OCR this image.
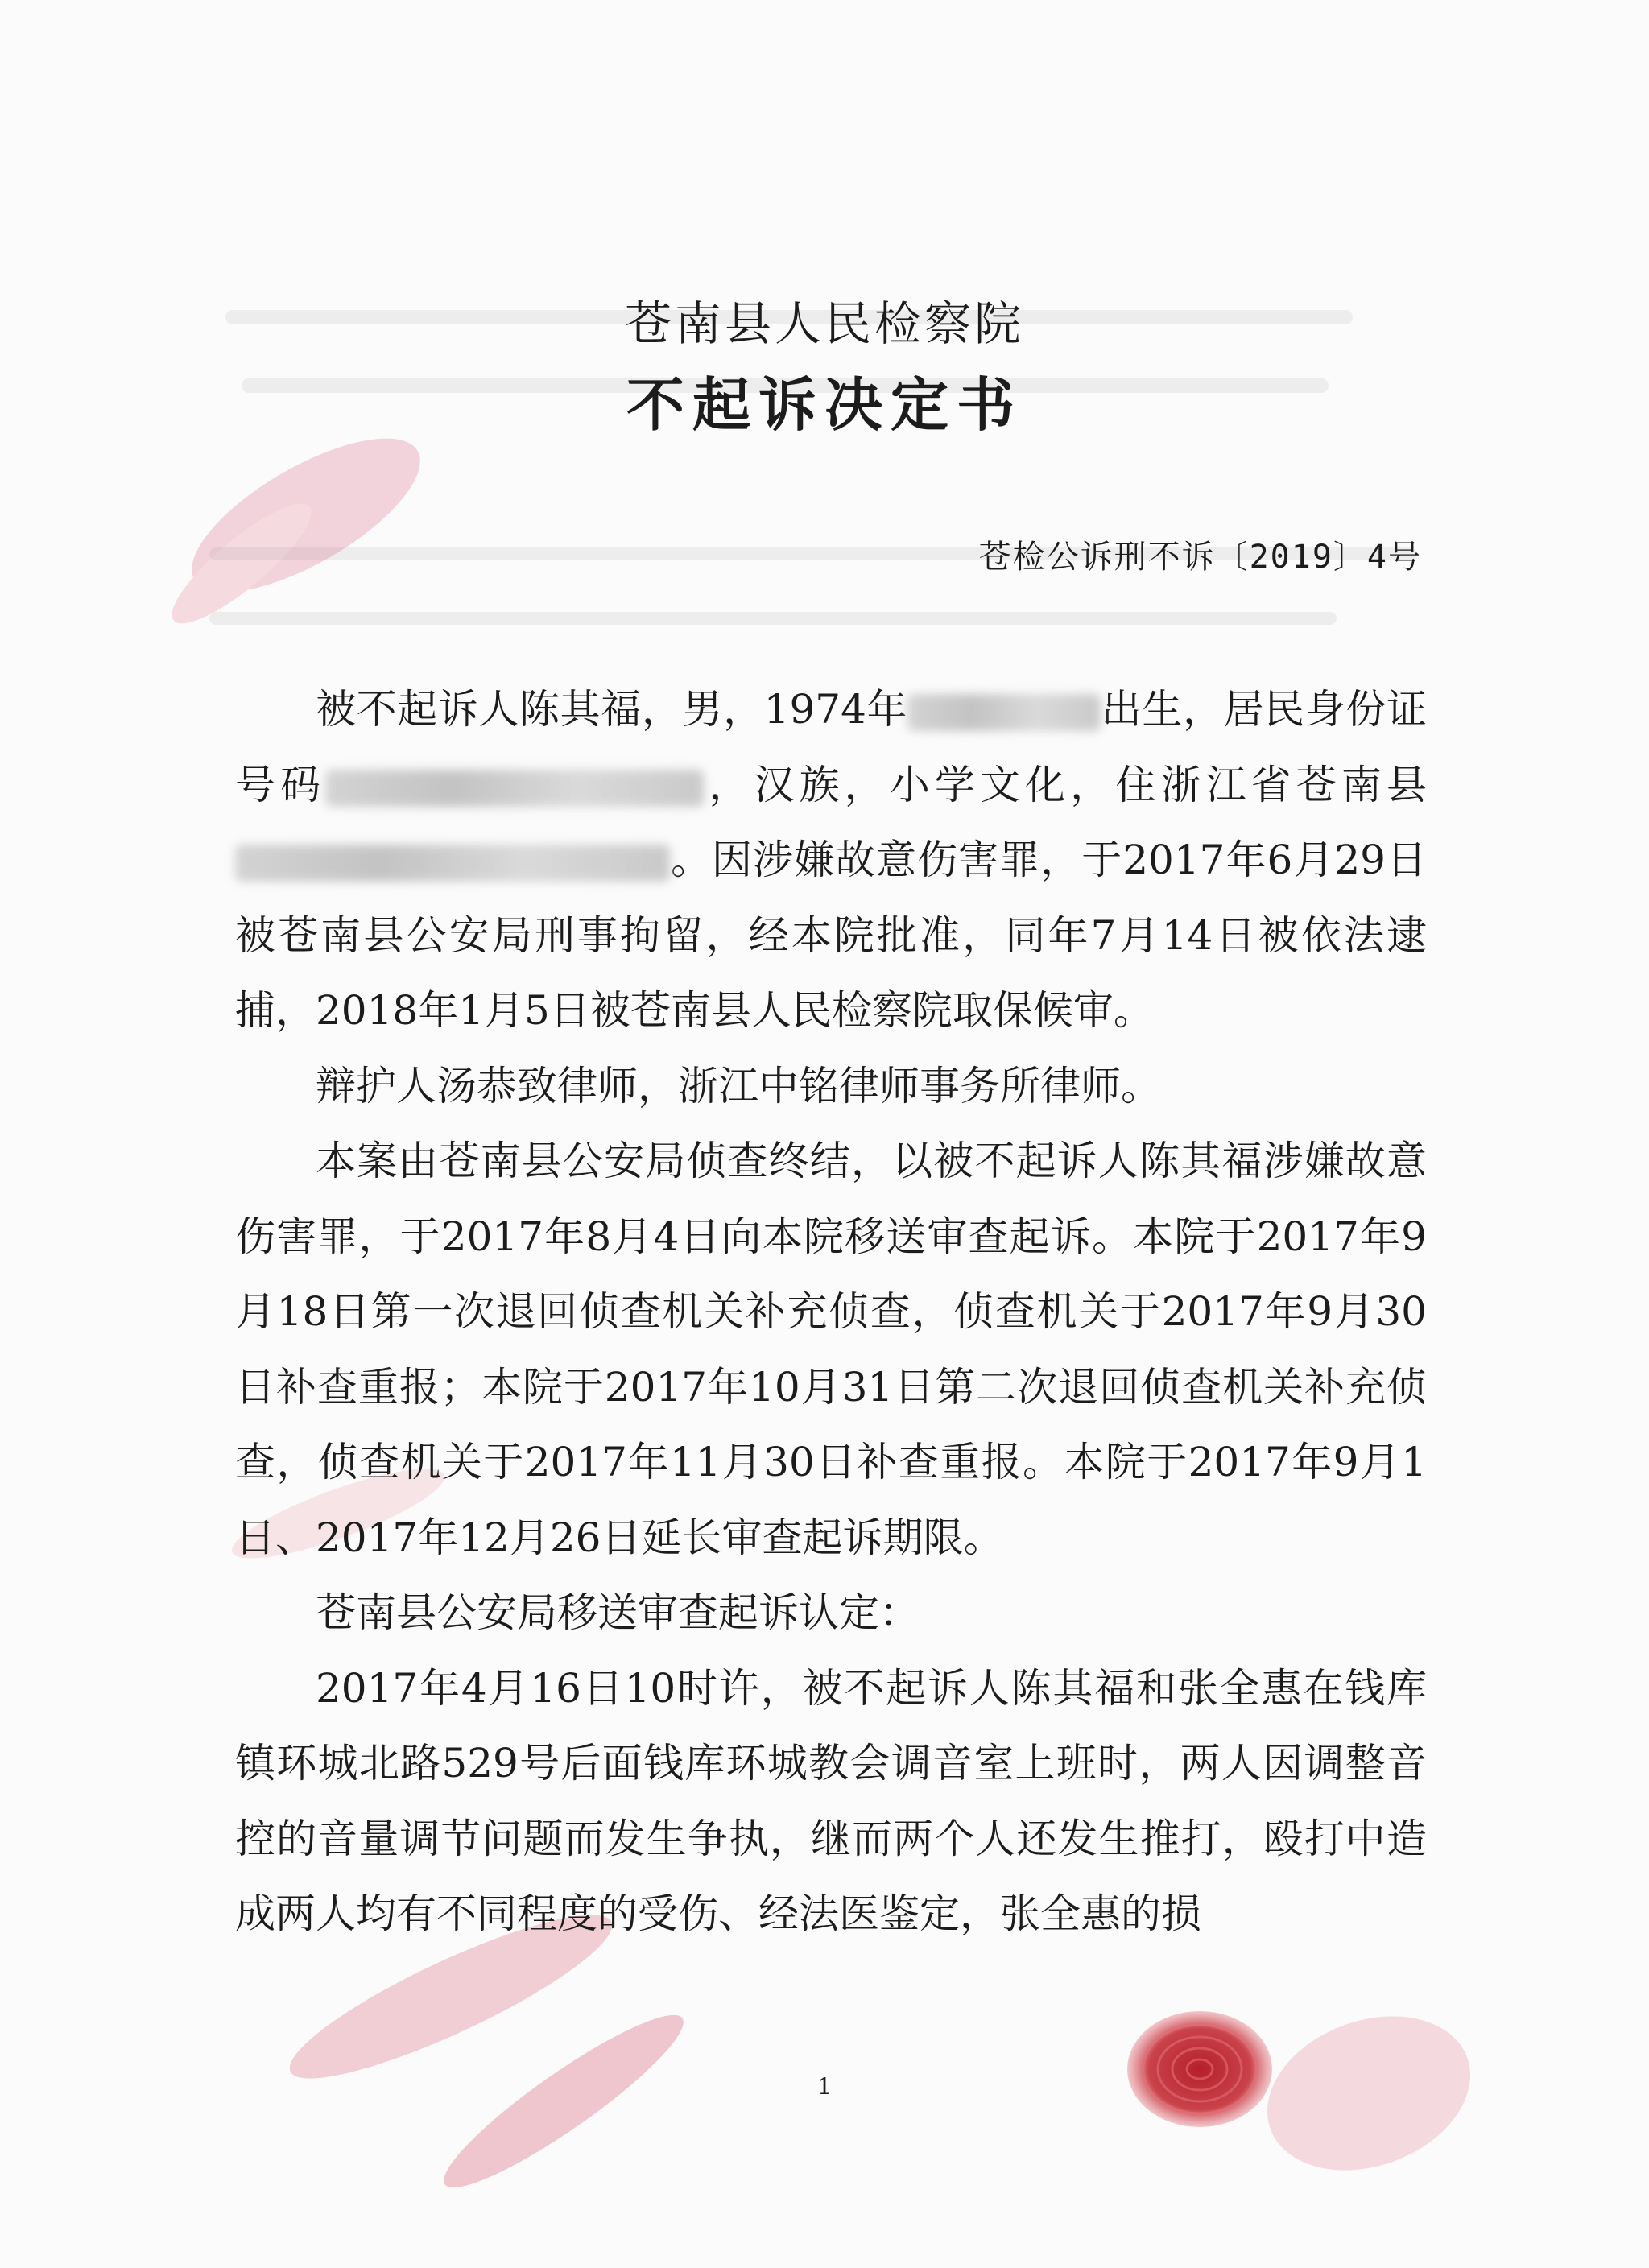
苍南县人民检察院
不起诉决定书
苍检公诉刑不诉〔2019〕4号

被不起诉人陈其福，男，1974年	出生，居民身份证号码	，汉族，小学文化，住浙江省苍南县。因涉嫌故意伤害罪，于2017年6月29日被苍南县公安局刑事拘留，经本院批准，同年7月14日被依法逮捕，2018年1月5日被苍南县人民检察院取保候审。

辩护人汤恭致律师，浙江中铭律师事务所律师。

本案由苍南县公安局侦查终结，以被不起诉人陈其福涉嫌故意伤害罪，于2017年8月4日向本院移送审查起诉。本院于2017年9月18日第一次退回侦查机关补充侦查，侦查机关于2017年9月30日补查重报；本院于2017年10月31日第二次退回侦查机关补充侦查，侦查机关于2017年11月30日补查重报。本院于2017年9月1日、2017年12月26日延长审查起诉期限。

苍南县公安局移送审查起诉认定：

2017年4月16日10时许，被不起诉人陈其福和张全惠在钱库镇环城北路529号后面钱库环城教会调音室上班时，两人因调整音控的音量调节问题而发生争执，继而两个人还发生推打，殴打中造成两人均有不同程度的受伤、经法医鉴定，张全惠的损

1
